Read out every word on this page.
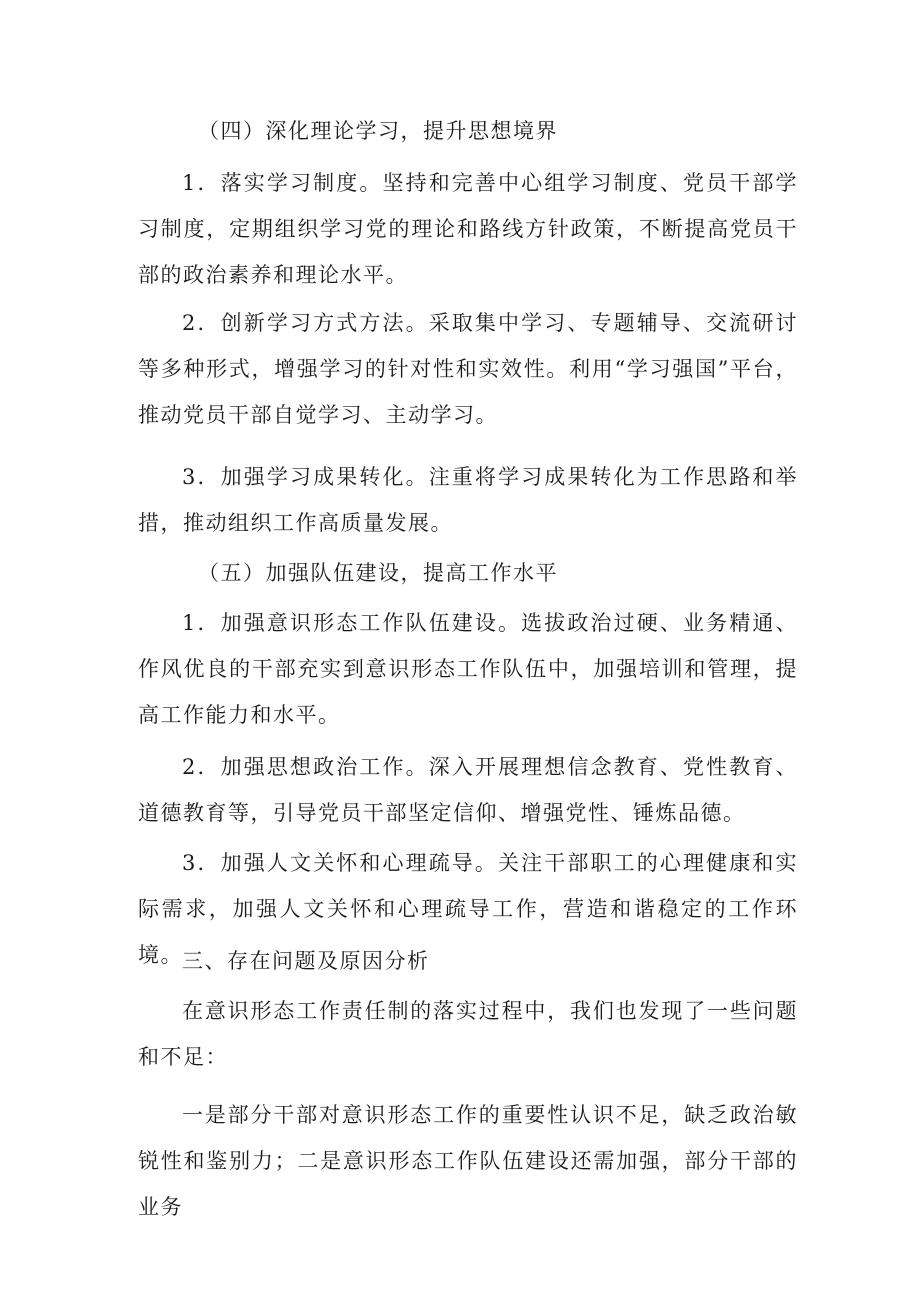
（四）深化理论学习，提升思想境界

1．落实学习制度。坚持和完善中心组学习制度、党员干部学习制度，定期组织学习党的理论和路线方针政策，不断提高党员干部的政治素养和理论水平。

2．创新学习方式方法。采取集中学习、专题辅导、交流研讨等多种形式，增强学习的针对性和实效性。利用“学习强国”平台，推动党员干部自觉学习、主动学习。

3．加强学习成果转化。注重将学习成果转化为工作思路和举措，推动组织工作高质量发展。

（五）加强队伍建设，提高工作水平

1．加强意识形态工作队伍建设。选拔政治过硬、业务精通、作风优良的干部充实到意识形态工作队伍中，加强培训和管理，提高工作能力和水平。

2．加强思想政治工作。深入开展理想信念教育、党性教育、道德教育等，引导党员干部坚定信仰、增强党性、锤炼品德。

3．加强人文关怀和心理疏导。关注干部职工的心理健康和实际需求，加强人文关怀和心理疏导工作，营造和谐稳定的工作环境。 三、存在问题及原因分析

在意识形态工作责任制的落实过程中，我们也发现了一些问题和不足：

一是部分干部对意识形态工作的重要性认识不足，缺乏政治敏锐性和鉴别力；二是意识形态工作队伍建设还需加强，部分干部的业务
